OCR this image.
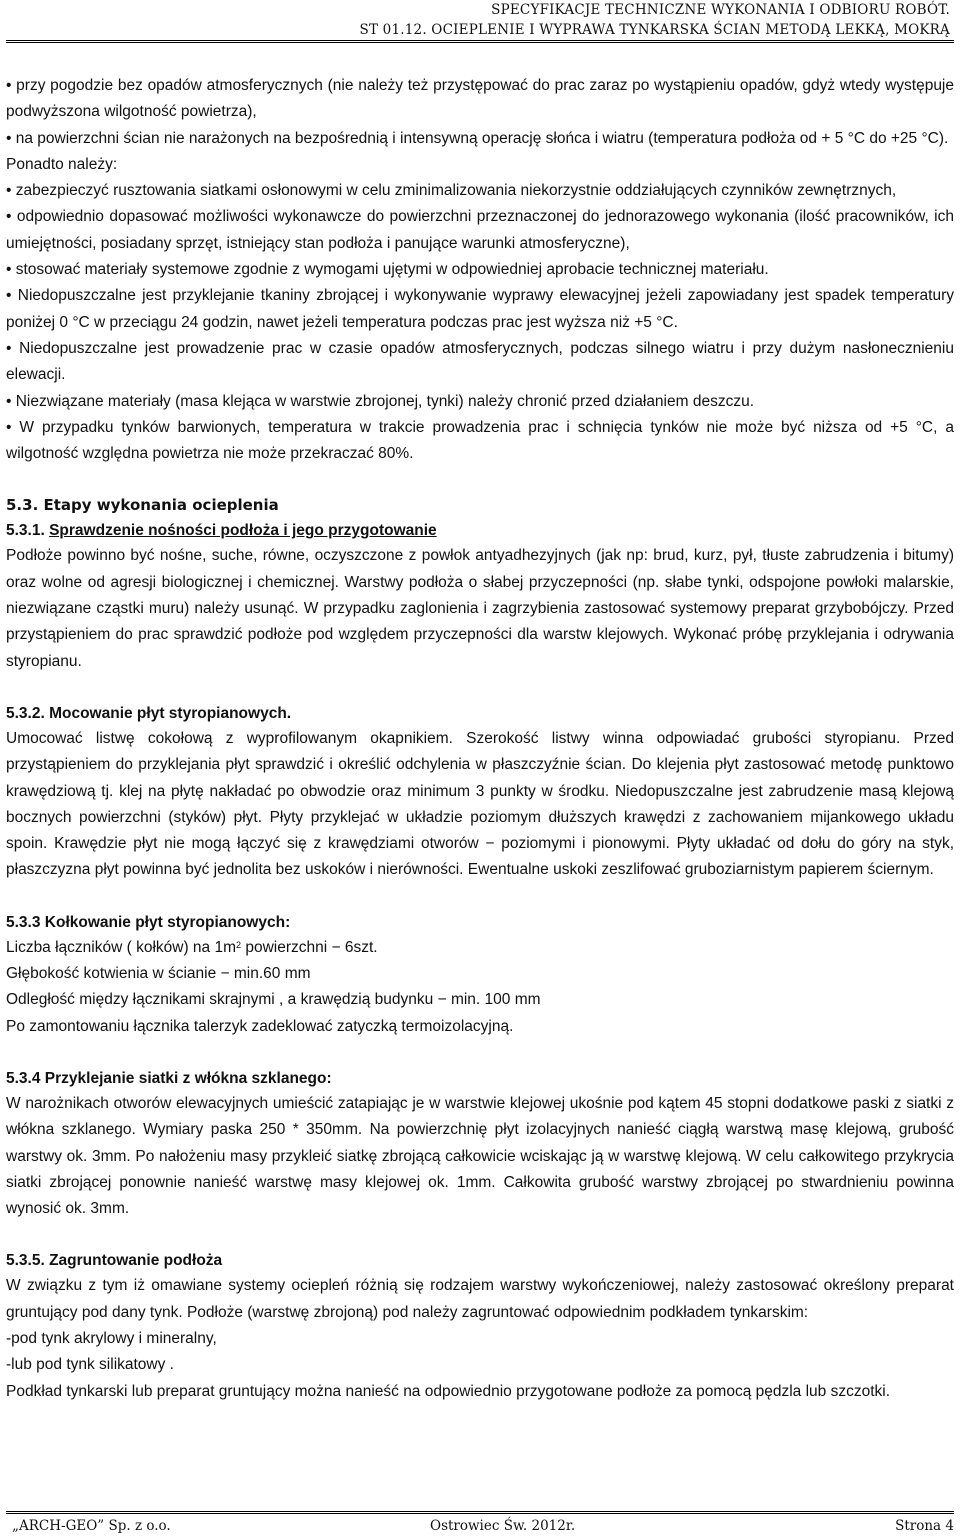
SPECYFIKACJE TECHNICZNE WYKONANIA I ODBIORU ROBÓT.
ST 01.12. OCIEPLENIE I WYPRAWA TYNKARSKA ŚCIAN METODĄ LEKKĄ, MOKRĄ

• przy pogodzie bez opadów atmosferycznych (nie należy też przystępować do prac zaraz po wystąpieniu opadów, gdyż wtedy występuje podwyższona wilgotność powietrza),

• na powierzchni ścian nie narażonych na bezpośrednią i intensywną operację słońca i wiatru (temperatura podłoża od + 5 °C do +25 °C).

Ponadto należy:

• zabezpieczyć rusztowania siatkami osłonowymi w celu zminimalizowania niekorzystnie oddziałujących czynników zewnętrznych,

• odpowiednio dopasować możliwości wykonawcze do powierzchni przeznaczonej do jednorazowego wykonania (ilość pracowników, ich umiejętności, posiadany sprzęt, istniejący stan podłoża i panujące warunki atmosferyczne),

• stosować materiały systemowe zgodnie z wymogami ujętymi w odpowiedniej aprobacie technicznej materiału.

• Niedopuszczalne jest przyklejanie tkaniny zbrojącej i wykonywanie wyprawy elewacyjnej jeżeli zapowiadany jest spadek temperatury poniżej 0 °C w przeciągu 24 godzin, nawet jeżeli temperatura podczas prac jest wyższa niż +5 °C.

• Niedopuszczalne jest prowadzenie prac w czasie opadów atmosferycznych, podczas silnego wiatru i przy dużym nasłonecznieniu elewacji.

• Niezwiązane materiały (masa klejąca w warstwie zbrojonej, tynki) należy chronić przed działaniem deszczu.

• W przypadku tynków barwionych, temperatura w trakcie prowadzenia prac i schnięcia tynków nie może być niższa od +5 °C, a wilgotność względna powietrza nie może przekraczać 80%.

5.3. Etapy wykonania ocieplenia
5.3.1. Sprawdzenie nośności podłoża i jego przygotowanie

Podłoże powinno być nośne, suche, równe, oczyszczone z powłok antyadhezyjnych (jak np: brud, kurz, pył, tłuste zabrudzenia i bitumy) oraz wolne od agresji biologicznej i chemicznej. Warstwy podłoża o słabej przyczepności (np. słabe tynki, odspojone powłoki malarskie, niezwiązane cząstki muru) należy usunąć. W przypadku zaglonienia i zagrzybienia zastosować systemowy preparat grzybobójczy. Przed przystąpieniem do prac sprawdzić podłoże pod względem przyczepności dla warstw klejowych. Wykonać próbę przyklejania i odrywania styropianu.

5.3.2. Mocowanie płyt styropianowych.

Umocować listwę cokołową z wyprofilowanym okapnikiem. Szerokość listwy winna odpowiadać grubości styropianu. Przed przystąpieniem do przyklejania płyt sprawdzić i określić odchylenia w płaszczyźnie ścian. Do klejenia płyt zastosować metodę punktowo krawędziową tj. klej na płytę nakładać po obwodzie oraz minimum 3 punkty w środku. Niedopuszczalne jest zabrudzenie masą klejową bocznych powierzchni (styków) płyt. Płyty przyklejać w układzie poziomym dłuższych krawędzi z zachowaniem mijankowego układu spoin. Krawędzie płyt nie mogą łączyć się z krawędziami otworów − poziomymi i pionowymi. Płyty układać od dołu do góry na styk, płaszczyzna płyt powinna być jednolita bez uskoków i nierówności. Ewentualne uskoki zeszlifować gruboziarnistym papierem ściernym.

5.3.3 Kołkowanie płyt styropianowych:

Liczba łączników ( kołków) na $1m^2$ powierzchni − 6szt.

Głębokość kotwienia w ścianie − min.60 mm

Odległość między łącznikami skrajnymi , a krawędzią budynku − min. 100 mm

Po zamontowaniu łącznika talerzyk zadeklować zatyczką termoizolacyjną.

5.3.4 Przyklejanie siatki z włókna szklanego:

W narożnikach otworów elewacyjnych umieścić zatapiając je w warstwie klejowej ukośnie pod kątem 45 stopni dodatkowe paski z siatki z włókna szklanego. Wymiary paska 250 * 350mm. Na powierzchnię płyt izolacyjnych nanieść ciągłą warstwą masę klejową, grubość warstwy ok. 3mm. Po nałożeniu masy przykleić siatkę zbrojącą całkowicie wciskając ją w warstwę klejową. W celu całkowitego przykrycia siatki zbrojącej ponownie nanieść warstwę masy klejowej ok. 1mm. Całkowita grubość warstwy zbrojącej po stwardnieniu powinna wynosić ok. 3mm.

5.3.5. Zagruntowanie podłoża

W związku z tym iż omawiane systemy ociepleń różnią się rodzajem warstwy wykończeniowej, należy zastosować określony preparat gruntujący pod dany tynk. Podłoże (warstwę zbrojoną) pod należy zagruntować odpowiednim podkładem tynkarskim:

-pod tynk akrylowy i mineralny,

-lub pod tynk silikatowy .

Podkład tynkarski lub preparat gruntujący można nanieść na odpowiednio przygotowane podłoże za pomocą pędzla lub szczotki.

„ARCH-GEO” Sp. z o.o.	Ostrowiec Św. 2012r.	Strona 4
